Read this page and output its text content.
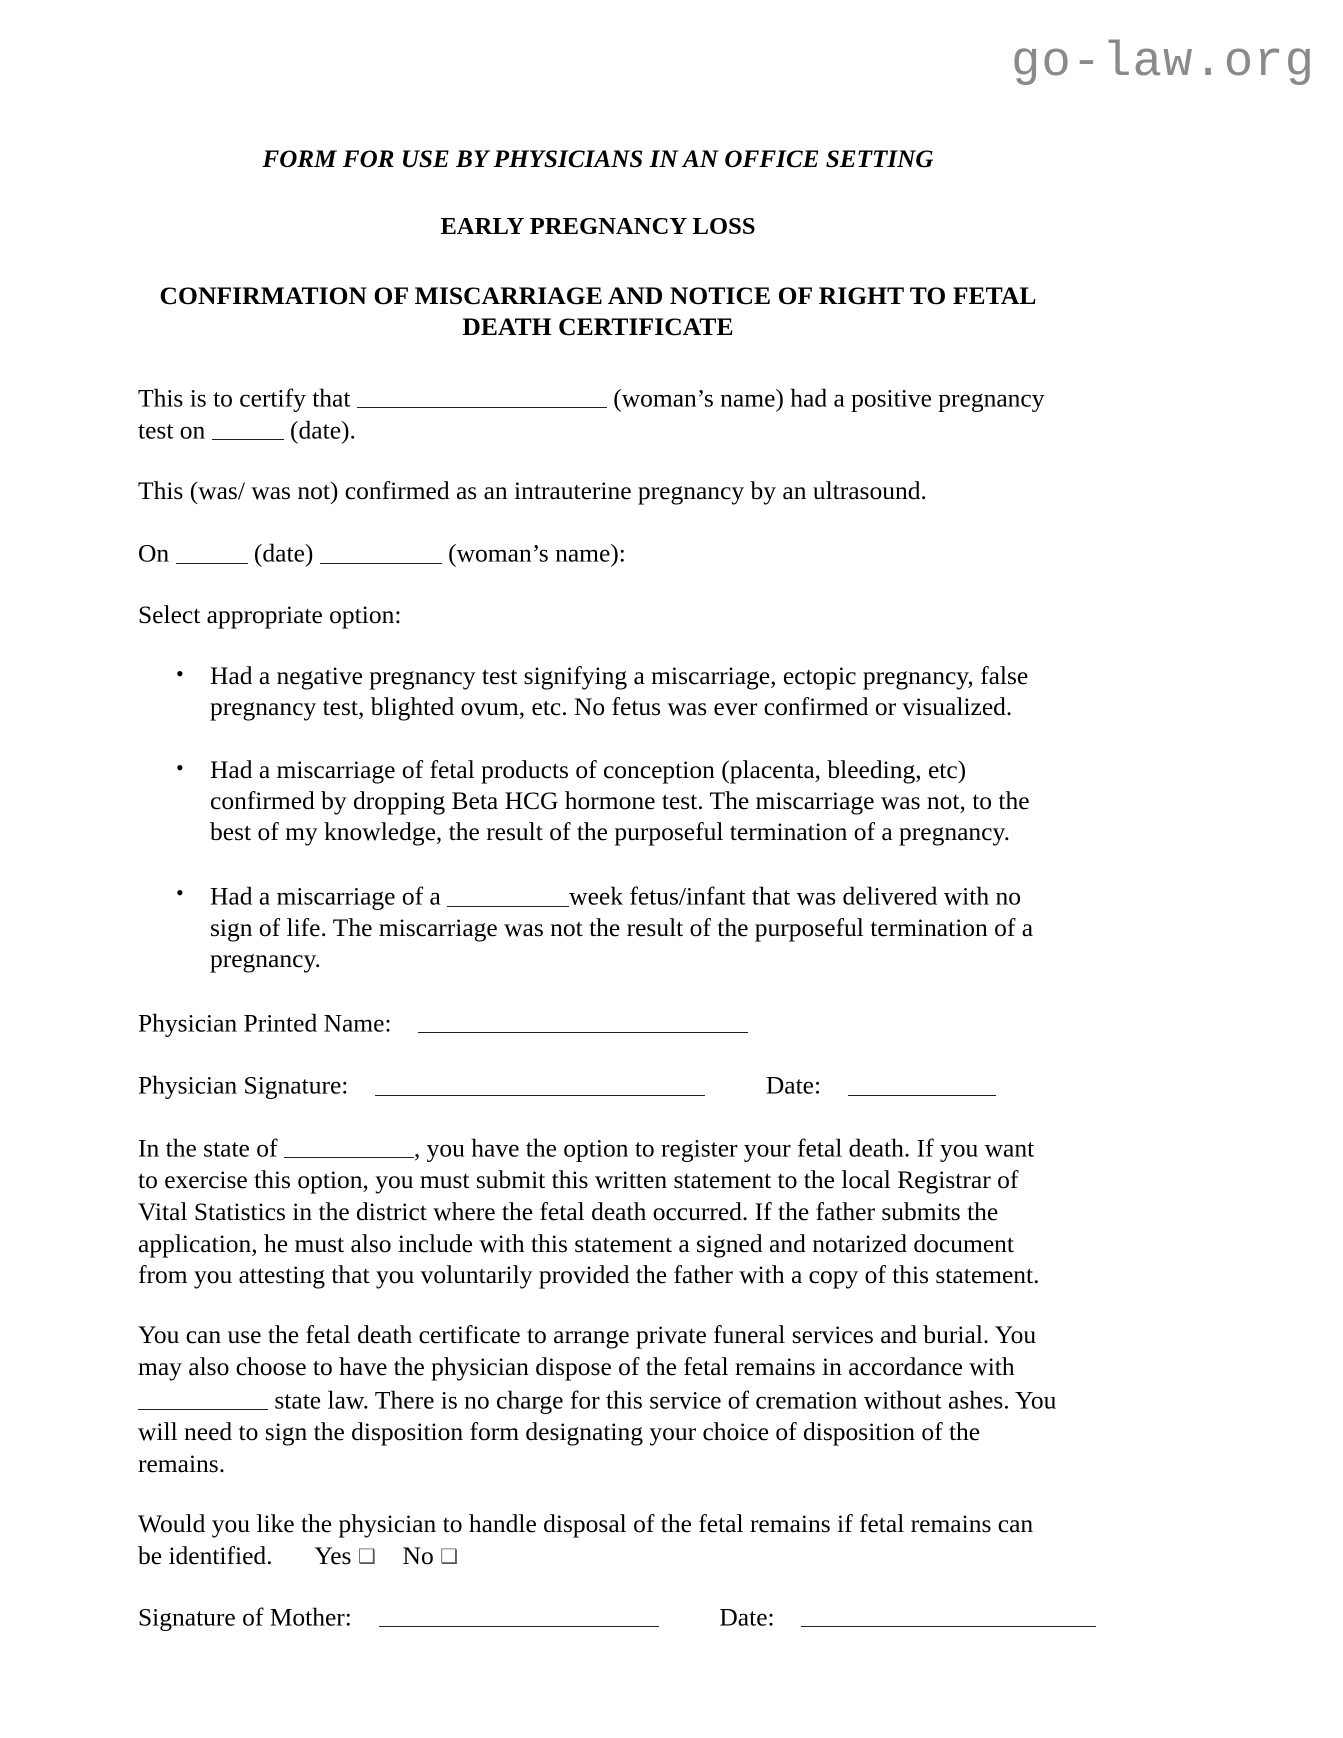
go-law.org
FORM FOR USE BY PHYSICIANS IN AN OFFICE SETTING
EARLY PREGNANCY LOSS
CONFIRMATION OF MISCARRIAGE AND NOTICE OF RIGHT TO FETAL DEATH CERTIFICATE

This is to certify that	(woman’s name) had a positive pregnancy test on	(date).

This (was/ was not) confirmed as an intrauterine pregnancy by an ultrasound.

On	(date)	(woman’s name):

Select appropriate option:

• Had a negative pregnancy test signifying a miscarriage, ectopic pregnancy, false pregnancy test, blighted ovum, etc. No fetus was ever confirmed or visualized.
• Had a miscarriage of fetal products of conception (placenta, bleeding, etc) confirmed by dropping Beta HCG hormone test. The miscarriage was not, to the best of my knowledge, the result of the purposeful termination of a pregnancy.
• Had a miscarriage of a	week fetus/infant that was delivered with no sign of life. The miscarriage was not the result of the purposeful termination of a pregnancy.
Physician Printed Name:
Physician Signature:	Date:

In the state of	, you have the option to register your fetal death. If you want to exercise this option, you must submit this written statement to the local Registrar of Vital Statistics in the district where the fetal death occurred. If the father submits the application, he must also include with this statement a signed and notarized document from you attesting that you voluntarily provided the father with a copy of this statement.

You can use the fetal death certificate to arrange private funeral services and burial. You may also choose to have the physician dispose of the fetal remains in accordance with  state law. There is no charge for this service of cremation without ashes. You will need to sign the disposition form designating your choice of disposition of the remains.

Would you like the physician to handle disposal of the fetal remains if fetal remains can be identified. Yes ❑ No ❑

Signature of Mother:	Date:
